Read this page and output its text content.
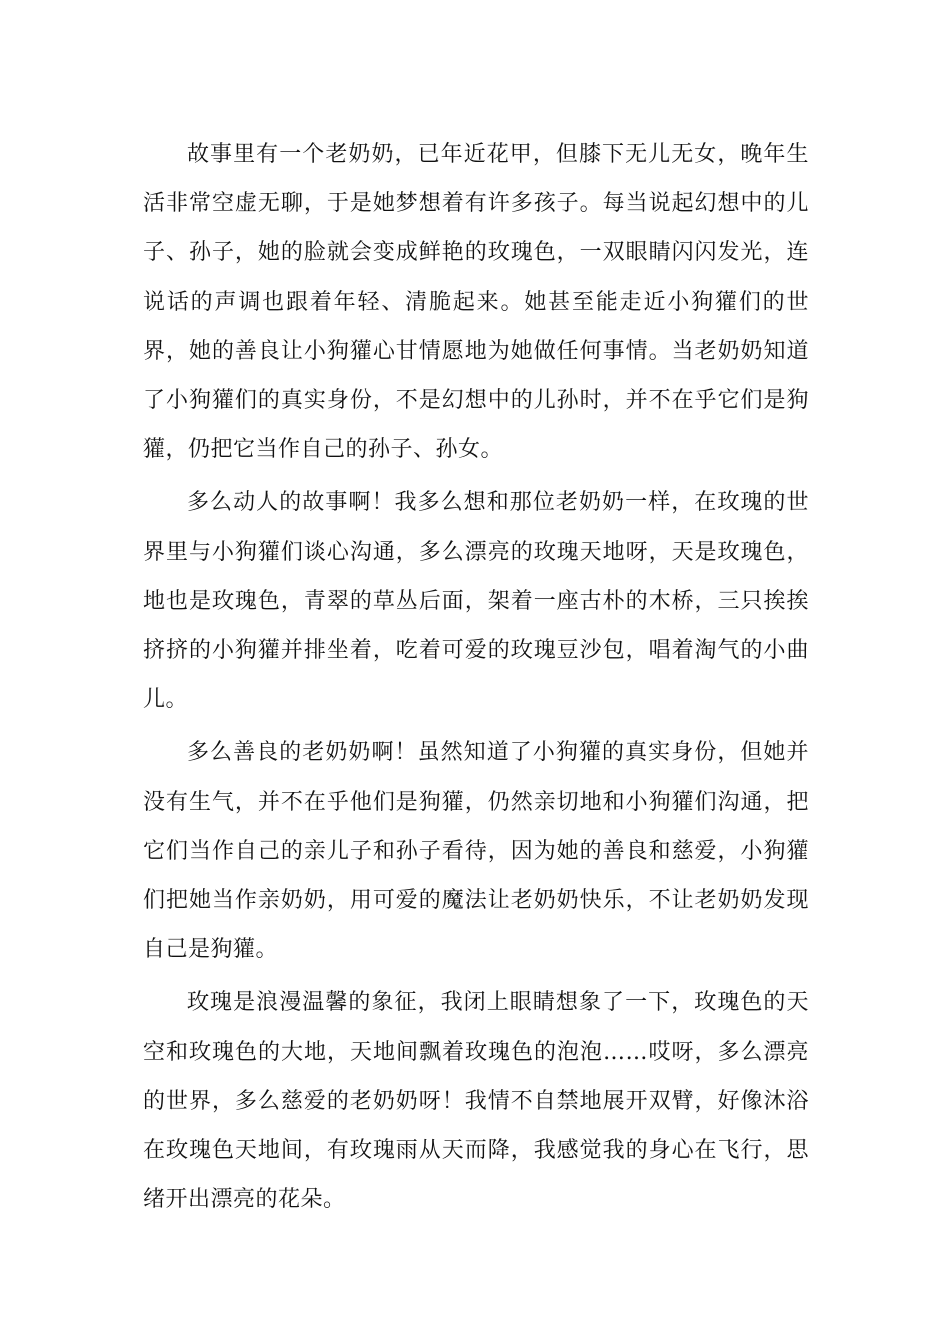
故事里有一个老奶奶，已年近花甲，但膝下无儿无女，晚年生活非常空虚无聊，于是她梦想着有许多孩子。每当说起幻想中的儿子、孙子，她的脸就会变成鲜艳的玫瑰色，一双眼睛闪闪发光，连说话的声调也跟着年轻、清脆起来。她甚至能走近小狗獾们的世界，她的善良让小狗獾心甘情愿地为她做任何事情。当老奶奶知道了小狗獾们的真实身份，不是幻想中的儿孙时，并不在乎它们是狗獾，仍把它当作自己的孙子、孙女。

多么动人的故事啊！我多么想和那位老奶奶一样，在玫瑰的世界里与小狗獾们谈心沟通，多么漂亮的玫瑰天地呀，天是玫瑰色，地也是玫瑰色，青翠的草丛后面，架着一座古朴的木桥，三只挨挨挤挤的小狗獾并排坐着，吃着可爱的玫瑰豆沙包，唱着淘气的小曲儿。

多么善良的老奶奶啊！虽然知道了小狗獾的真实身份，但她并没有生气，并不在乎他们是狗獾，仍然亲切地和小狗獾们沟通，把它们当作自己的亲儿子和孙子看待，因为她的善良和慈爱，小狗獾们把她当作亲奶奶，用可爱的魔法让老奶奶快乐，不让老奶奶发现自己是狗獾。

玫瑰是浪漫温馨的象征，我闭上眼睛想象了一下，玫瑰色的天空和玫瑰色的大地，天地间飘着玫瑰色的泡泡……哎呀，多么漂亮的世界，多么慈爱的老奶奶呀！我情不自禁地展开双臂，好像沐浴在玫瑰色天地间，有玫瑰雨从天而降，我感觉我的身心在飞行，思绪开出漂亮的花朵。
